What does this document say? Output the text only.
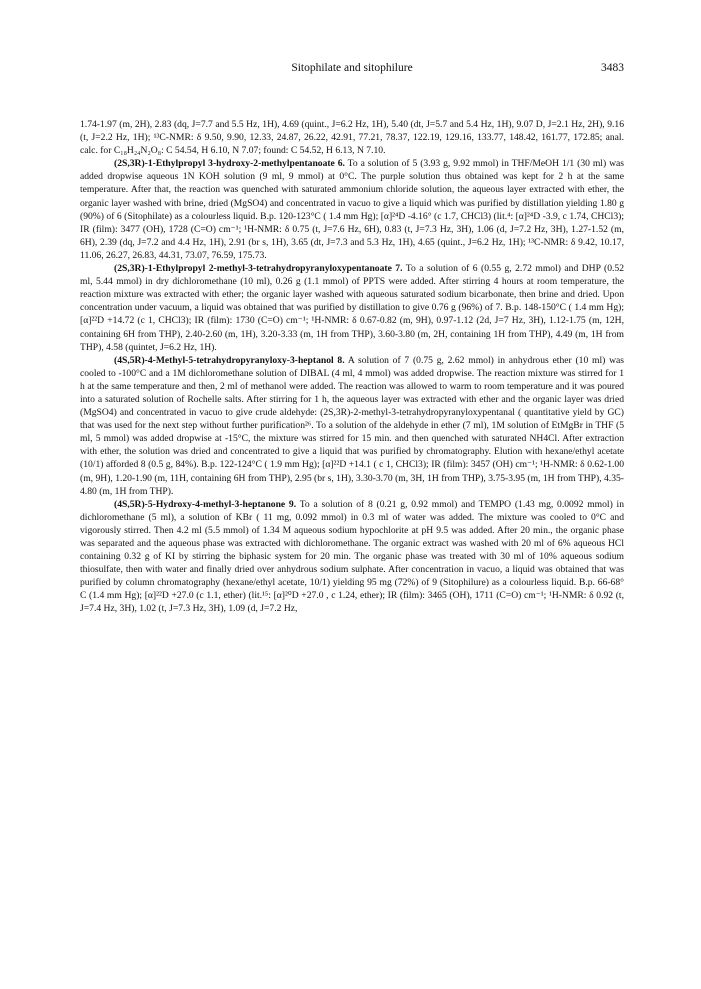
Sitophilate and sitophilure	3483

1.74-1.97 (m, 2H), 2.83 (dq, J=7.7 and 5.5 Hz, 1H), 4.69 (quint., J=6.2 Hz, 1H), 5.40 (dt, J=5.7 and 5.4 Hz, 1H), 9.07 D, J=2.1 Hz, 2H), 9.16 (t, J=2.2 Hz, 1H); ¹³C-NMR: δ 9.50, 9.90, 12.33, 24.87, 26.22, 42.91, 77.21, 78.37, 122.19, 129.16, 133.77, 148.42, 161.77, 172.85; anal. calc. for C₁₈H₂₄N₂O₈: C 54.54, H 6.10, N 7.07; found: C 54.52, H 6.13, N 7.10.

(2S,3R)-1-Ethylpropyl 3-hydroxy-2-methylpentanoate 6. To a solution of 5 (3.93 g, 9.92 mmol) in THF/MeOH 1/1 (30 ml) was added dropwise aqueous 1N KOH solution (9 ml, 9 mmol) at 0°C. The purple solution thus obtained was kept for 2 h at the same temperature. After that, the reaction was quenched with saturated ammonium chloride solution, the aqueous layer extracted with ether, the organic layer washed with brine, dried (MgSO4) and concentrated in vacuo to give a liquid which was purified by distillation yielding 1.80 g (90%) of 6 (Sitophilate) as a colourless liquid. B.p. 120-123°C ( 1.4 mm Hg); [α]²⁴D -4.16° (c 1.7, CHCl3) (lit.⁴: [α]²⁴D -3.9, c 1.74, CHCl3); IR (film): 3477 (OH), 1728 (C=O) cm⁻¹; ¹H-NMR: δ 0.75 (t, J=7.6 Hz, 6H), 0.83 (t, J=7.3 Hz, 3H), 1.06 (d, J=7.2 Hz, 3H), 1.27-1.52 (m, 6H), 2.39 (dq, J=7.2 and 4.4 Hz, 1H), 2.91 (br s, 1H), 3.65 (dt, J=7.3 and 5.3 Hz, 1H), 4.65 (quint., J=6.2 Hz, 1H); ¹³C-NMR: δ 9.42, 10.17, 11.06, 26.27, 26.83, 44.31, 73.07, 76.59, 175.73.

(2S,3R)-1-Ethylpropyl 2-methyl-3-tetrahydropyranyloxypentanoate 7. To a solution of 6 (0.55 g, 2.72 mmol) and DHP (0.52 ml, 5.44 mmol) in dry dichloromethane (10 ml), 0.26 g (1.1 mmol) of PPTS were added. After stirring 4 hours at room temperature, the reaction mixture was extracted with ether; the organic layer washed with aqueous saturated sodium bicarbonate, then brine and dried. Upon concentration under vacuum, a liquid was obtained that was purified by distillation to give 0.76 g (96%) of 7. B.p. 148-150°C ( 1.4 mm Hg); [α]²²D +14.72 (c 1, CHCl3); IR (film): 1730 (C=O) cm⁻¹; ¹H-NMR: δ 0.67-0.82 (m, 9H), 0.97-1.12 (2d, J=7 Hz, 3H), 1.12-1.75 (m, 12H, containing 6H from THP), 2.40-2.60 (m, 1H), 3.20-3.33 (m, 1H from THP), 3.60-3.80 (m, 2H, containing 1H from THP), 4.49 (m, 1H from THP), 4.58 (quintet, J=6.2 Hz, 1H).

(4S,5R)-4-Methyl-5-tetrahydropyranyloxy-3-heptanol 8. A solution of 7 (0.75 g, 2.62 mmol) in anhydrous ether (10 ml) was cooled to -100°C and a 1M dichloromethane solution of DIBAL (4 ml, 4 mmol) was added dropwise. The reaction mixture was stirred for 1 h at the same temperature and then, 2 ml of methanol were added. The reaction was allowed to warm to room temperature and it was poured into a saturated solution of Rochelle salts. After stirring for 1 h, the aqueous layer was extracted with ether and the organic layer was dried (MgSO4) and concentrated in vacuo to give crude aldehyde: (2S,3R)-2-methyl-3-tetrahydropyranyloxypentanal ( quantitative yield by GC) that was used for the next step without further purification²⁶. To a solution of the aldehyde in ether (7 ml), 1M solution of EtMgBr in THF (5 ml, 5 mmol) was added dropwise at -15°C, the mixture was stirred for 15 min. and then quenched with saturated NH4Cl. After extraction with ether, the solution was dried and concentrated to give a liquid that was purified by chromatography. Elution with hexane/ethyl acetate (10/1) afforded 8 (0.5 g, 84%). B.p. 122-124°C ( 1.9 mm Hg); [α]²²D +14.1 ( c 1, CHCl3); IR (film): 3457 (OH) cm⁻¹; ¹H-NMR: δ 0.62-1.00 (m, 9H), 1.20-1.90 (m, 11H, containing 6H from THP), 2.95 (br s, 1H), 3.30-3.70 (m, 3H, 1H from THP), 3.75-3.95 (m, 1H from THP), 4.35-4.80 (m, 1H from THP).

(4S,5R)-5-Hydroxy-4-methyl-3-heptanone 9. To a solution of 8 (0.21 g, 0.92 mmol) and TEMPO (1.43 mg, 0.0092 mmol) in dichloromethane (5 ml), a solution of KBr ( 11 mg, 0.092 mmol) in 0.3 ml of water was added. The mixture was cooled to 0°C and vigorously stirred. Then 4.2 ml (5.5 mmol) of 1.34 M aqueous sodium hypochlorite at pH 9.5 was added. After 20 min., the organic phase was separated and the aqueous phase was extracted with dichloromethane. The organic extract was washed with 20 ml of 6% aqueous HCl containing 0.32 g of KI by stirring the biphasic system for 20 min. The organic phase was treated with 30 ml of 10% aqueous sodium thiosulfate, then with water and finally dried over anhydrous sodium sulphate. After concentration in vacuo, a liquid was obtained that was purified by column chromatography (hexane/ethyl acetate, 10/1) yielding 95 mg (72%) of 9 (Sitophilure) as a colourless liquid. B.p. 66-68° C (1.4 mm Hg); [α]²²D +27.0 (c 1.1, ether) (lit.¹⁵: [α]²⁰D +27.0 , c 1.24, ether); IR (film): 3465 (OH), 1711 (C=O) cm⁻¹; ¹H-NMR: δ 0.92 (t, J=7.4 Hz, 3H), 1.02 (t, J=7.3 Hz, 3H), 1.09 (d, J=7.2 Hz,
